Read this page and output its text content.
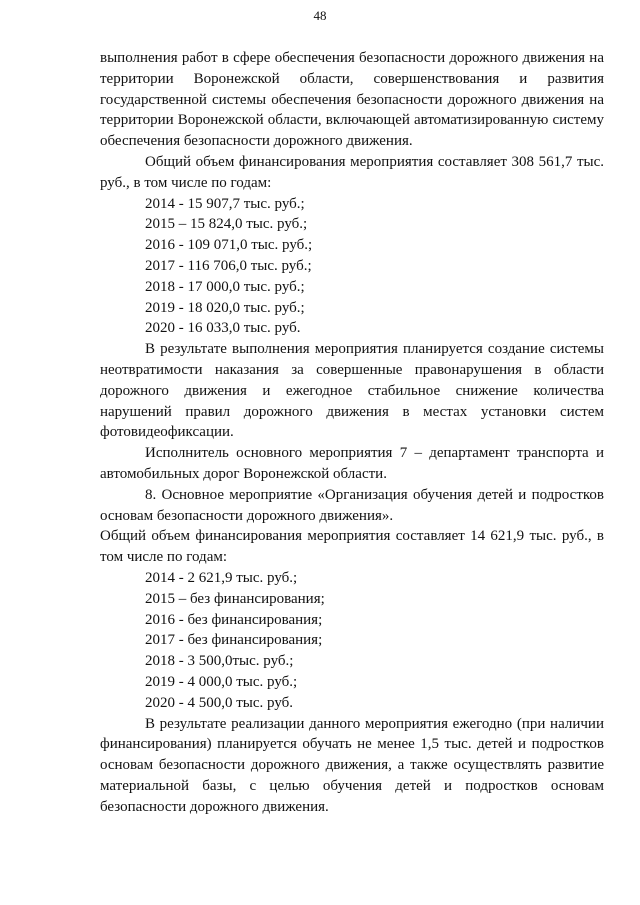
48

выполнения работ в сфере обеспечения безопасности дорожного движения на территории Воронежской области, совершенствования и развития государственной системы обеспечения безопасности дорожного движения на территории Воронежской области, включающей автоматизированную систему обеспечения безопасности дорожного движения.

Общий объем финансирования мероприятия составляет 308 561,7 тыс. руб., в том числе по годам:

2014 - 15 907,7 тыс. руб.;
2015 – 15 824,0 тыс. руб.;
2016 - 109 071,0 тыс. руб.;
2017 - 116 706,0 тыс. руб.;
2018 - 17 000,0 тыс. руб.;
2019 - 18 020,0 тыс. руб.;
2020 - 16 033,0 тыс. руб.

В результате выполнения мероприятия планируется создание системы неотвратимости наказания за совершенные правонарушения в области дорожного движения и ежегодное стабильное снижение количества нарушений правил дорожного движения в местах установки систем фотовидеофиксации.

Исполнитель основного мероприятия 7 – департамент транспорта и автомобильных дорог Воронежской области.

8. Основное мероприятие «Организация обучения детей и подростков основам безопасности дорожного движения».

Общий объем финансирования мероприятия составляет 14 621,9 тыс. руб., в том числе по годам:

2014 - 2 621,9 тыс. руб.;
2015 – без финансирования;
2016 - без финансирования;
2017 - без финансирования;
2018 - 3 500,0тыс. руб.;
2019 - 4 000,0 тыс. руб.;
2020 - 4 500,0 тыс. руб.

В результате реализации данного мероприятия ежегодно (при наличии финансирования) планируется обучать не менее 1,5 тыс. детей и подростков основам безопасности дорожного движения, а также осуществлять развитие материальной базы, с целью обучения детей и подростков основам безопасности дорожного движения.
